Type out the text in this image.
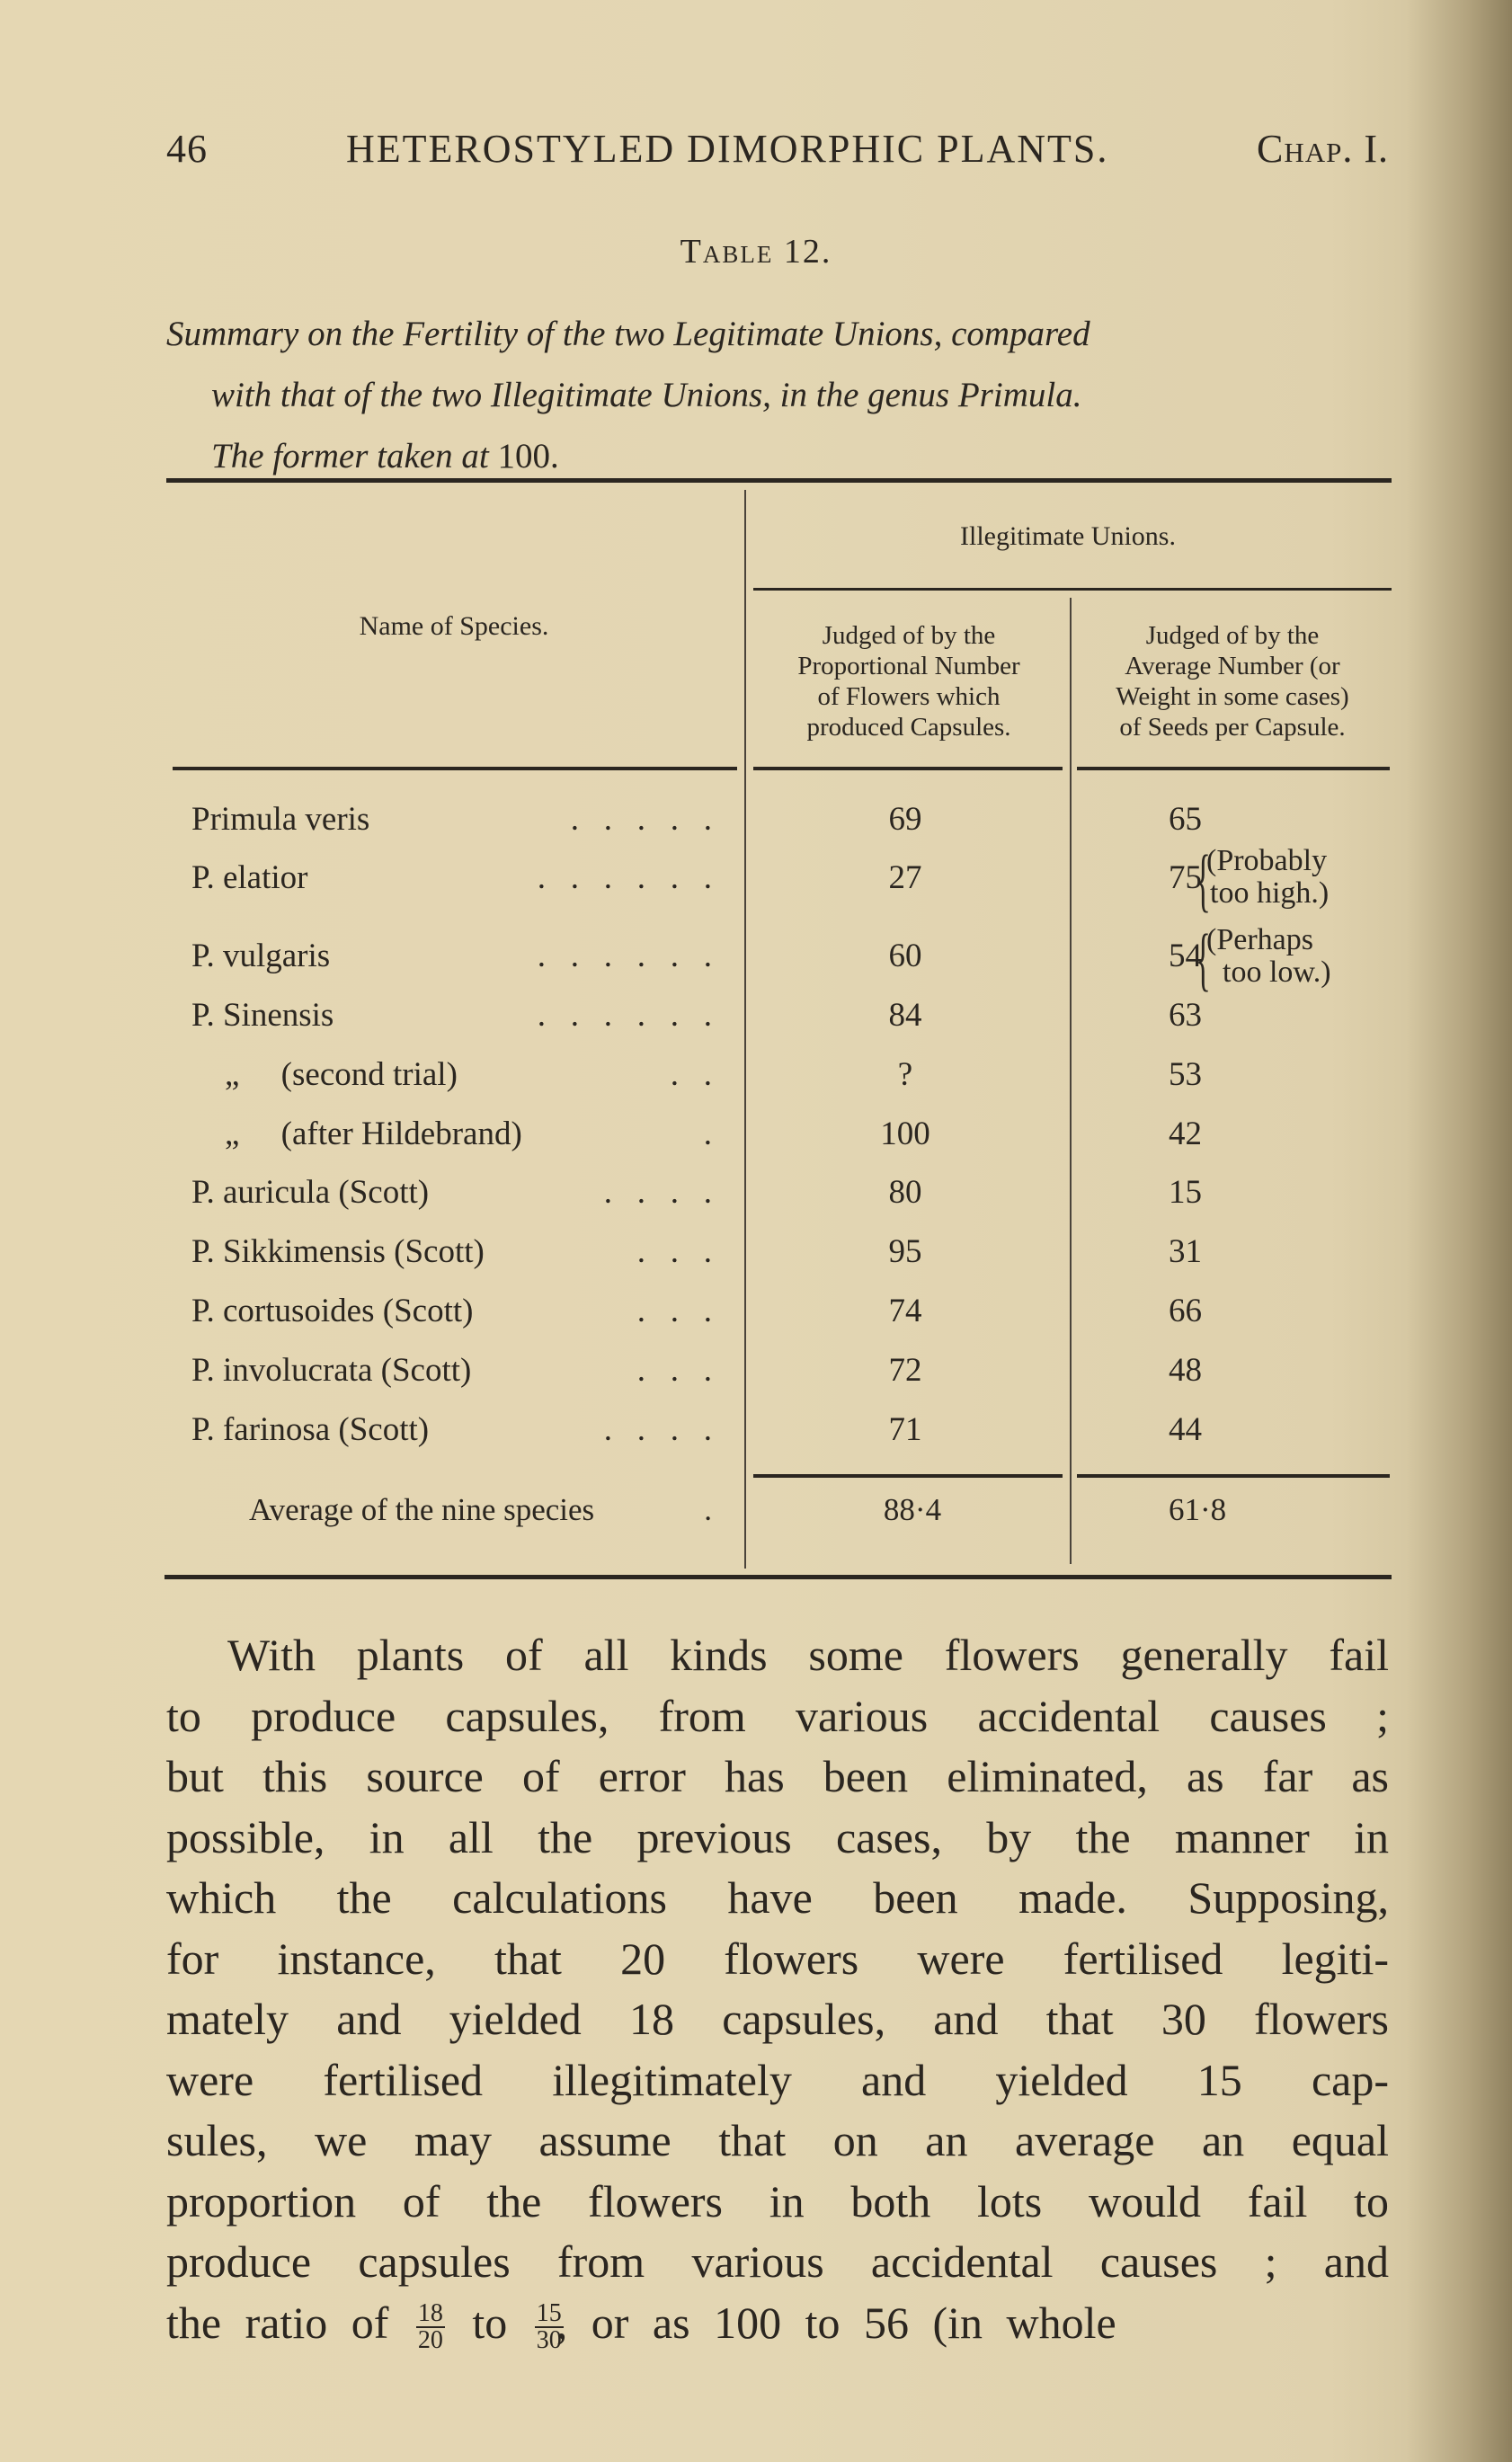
46	HETEROSTYLED DIMORPHIC PLANTS.	Chap. I.
Table 12.
Summary on the Fertility of the two Legitimate Unions, compared
with that of the two Illegitimate Unions, in the genus Primula.
The former taken at 100.
Name of Species.
Illegitimate Unions.
Judged of by the
Proportional Number
of Flowers which
produced Capsules.
Judged of by the
Average Number (or
Weight in some cases)
of Seeds per Capsule.
Primula veris	.   .   .   .   .	69	65
P. elatior	.   .   .   .   .   .	27	75
{
(Probably
too high.)
P. vulgaris	.   .   .   .   .   .	60	54
{
(Perhaps
too low.)
P. Sinensis	.   .   .   .   .   .	84	63
„     (second trial)	.   .	?	53
„     (after Hildebrand)	.	100	42
P. auricula (Scott)	.   .   .   .	80	15
P. Sikkimensis (Scott)	.   .   .	95	31
P. cortusoides (Scott)	.   .   .	74	66
P. involucrata (Scott)	.   .   .	72	48
P. farinosa (Scott)	.   .   .   .	71	44
Average of the nine species	.	88·4	61·8
With plants of all kinds some flowers generally fail
to produce capsules, from various accidental causes ;
but this source of error has been eliminated, as far as
possible, in all the previous cases, by the manner in
which the calculations have been made. Supposing,
for instance, that 20 flowers were fertilised legiti-
mately and yielded 18 capsules, and that 30 flowers
were fertilised illegitimately and yielded 15 cap-
sules, we may assume that on an average an equal
proportion of the flowers in both lots would fail to
produce capsules from various accidental causes ; and
the ratio of $\frac{18}{20}$ to $\frac{15}{30}$
, or as 100 to 56 (in whole
